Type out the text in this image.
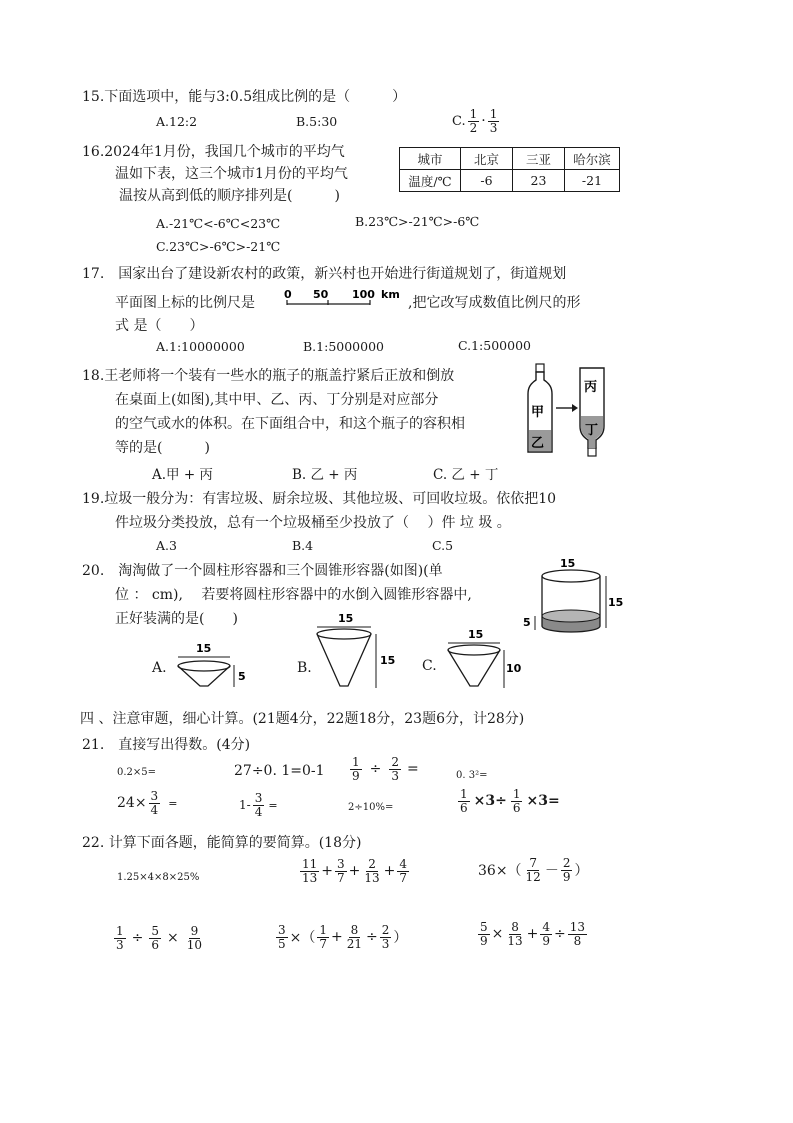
15.下面选项中，能与3:0.5组成比例的是（　　　）
A.12:2	B.5:30	C. $\frac{1}{2} \cdot \frac{1}{3}$
16.2024年1月份，我国几个城市的平均气
温如下表，这三个城市1月份的平均气
温按从高到低的顺序排列是(　　　)
城市	北京	三亚	哈尔滨
温度/℃	-6	23	-21
A.-21℃<-6℃<23℃	B.23℃>-21℃>-6℃
C.23℃>-6℃>-21℃
17.　国家出台了建设新农村的政策，新兴村也开始进行街道规划了，街道规划
平面图上标的比例尺是
0 50 100 km
,把它改写成数值比例尺的形
式 是（　　）
A.1:10000000	B.1:5000000	C.1:500000
18.王老师将一个装有一些水的瓶子的瓶盖拧紧后正放和倒放
在桌面上(如图),其中甲、乙、丙、丁分别是对应部分
的空气或水的体积。在下面组合中，和这个瓶子的容积相
等的是(　　　)
A.甲 + 丙	B. 乙 + 丙	C. 乙 + 丁
甲
乙
丙
丁
19.垃圾一般分为：有害垃圾、厨余垃圾、其他垃圾、可回收垃圾。依依把10
件垃圾分类投放，总有一个垃圾桶至少投放了（　 ）件 垃 圾 。
A.3	B.4	C.5
20.　淘淘做了一个圆柱形容器和三个圆锥形容器(如图)(单
位 ： cm),　 若要将圆柱形容器中的水倒入圆锥形容器中,
正好装满的是(　　)
15
15
5
A.
15
5
B.
15
15 C.
15
10
四 、注意审题，细心计算。(21题4分，22题18分，23题6分，计28分)
21.　直接写出得数。(4分)
0.2×5=	27÷0. $1=0-1 \frac{1}{9} \div \frac{2}{3}$ =	0. 3²=
$24\times \frac{3}{4}$ =	$1- \frac{3}{4}$ =	2÷10%=	$\frac{1}{6} \times 3\div \frac{1}{6} \times 3=$
22. 计算下面各题，能简算的要简算。(18分)
1.25×4×8×25%	$\frac{11}{13} + \frac{3}{7} + \frac{2}{13} + \frac{4}{7}$	$36\times( \frac{7}{12} - \frac{2}{9}$ ）
$\frac{1}{3} \div \frac{5}{6} \times \frac{9}{10}$	$\frac{3}{5}$ ×（ $\frac{1}{7} + \frac{8}{21} \div \frac{2}{3}$ ）	$\frac{5}{9} \times \frac{8}{13} + \frac{4}{9} \div \frac{13}{8}$
